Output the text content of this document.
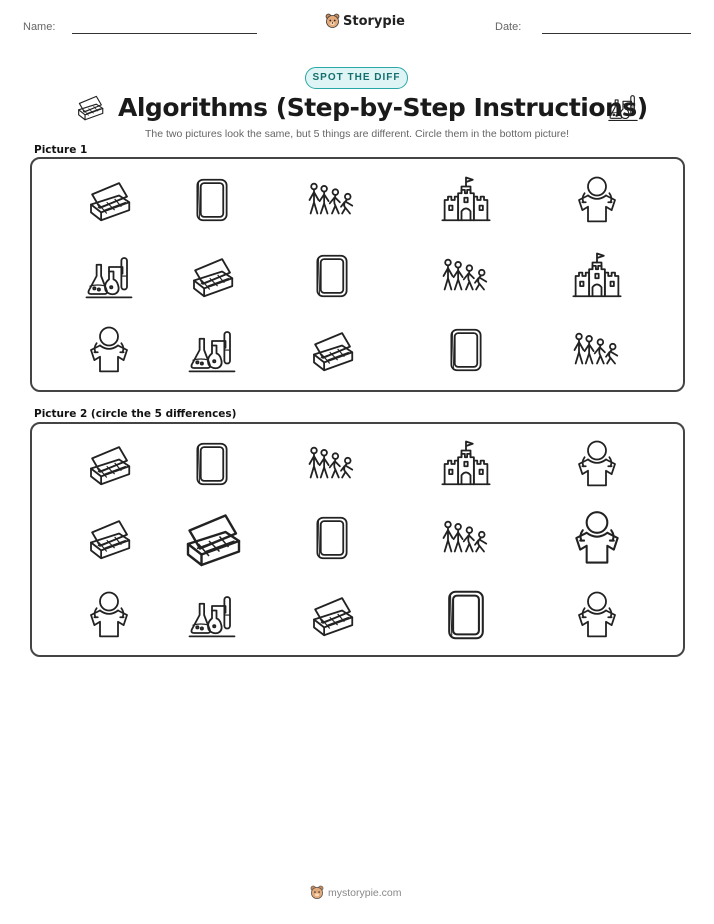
Name:	Storypie	Date:
SPOT THE DIFF
Algorithms (Step-by-Step Instructions)
The two pictures look the same, but 5 things are different. Circle them in the bottom picture!
Picture 1
Picture 2 (circle the 5 differences)
mystorypie.com
